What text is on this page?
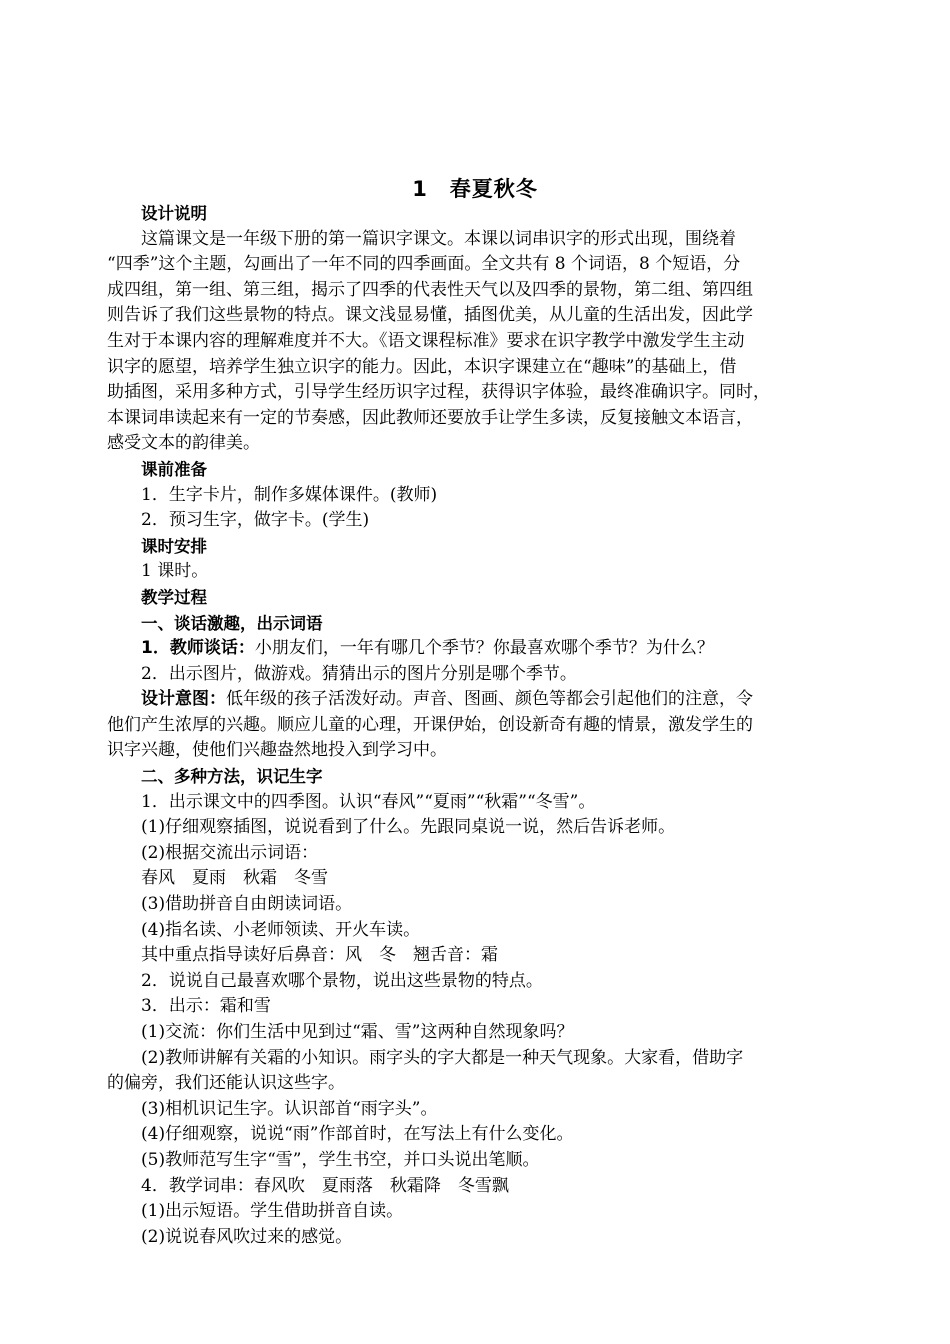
1　春夏秋冬
设计说明
这篇课文是一年级下册的第一篇识字课文。本课以词串识字的形式出现，围绕着
“四季”这个主题，勾画出了一年不同的四季画面。全文共有 8 个词语，8 个短语，分
成四组，第一组、第三组，揭示了四季的代表性天气以及四季的景物，第二组、第四组
则告诉了我们这些景物的特点。课文浅显易懂，插图优美，从儿童的生活出发，因此学
生对于本课内容的理解难度并不大。《语文课程标准》要求在识字教学中激发学生主动
识字的愿望，培养学生独立识字的能力。因此，本识字课建立在“趣味”的基础上，借
助插图，采用多种方式，引导学生经历识字过程，获得识字体验，最终准确识字。同时，
本课词串读起来有一定的节奏感，因此教师还要放手让学生多读，反复接触文本语言，
感受文本的韵律美。
课前准备
1．生字卡片，制作多媒体课件。(教师)
2．预习生字，做字卡。(学生)
课时安排
1 课时。
教学过程
一、谈话激趣，出示词语
1．教师谈话：小朋友们，一年有哪几个季节？你最喜欢哪个季节？为什么？
2．出示图片，做游戏。猜猜出示的图片分别是哪个季节。
设计意图：低年级的孩子活泼好动。声音、图画、颜色等都会引起他们的注意，令
他们产生浓厚的兴趣。顺应儿童的心理，开课伊始，创设新奇有趣的情景，激发学生的
识字兴趣，使他们兴趣盎然地投入到学习中。
二、多种方法，识记生字
1．出示课文中的四季图。认识“春风”“夏雨”“秋霜”“冬雪”。
(1)仔细观察插图，说说看到了什么。先跟同桌说一说，然后告诉老师。
(2)根据交流出示词语：
春风　夏雨　秋霜　冬雪
(3)借助拼音自由朗读词语。
(4)指名读、小老师领读、开火车读。
其中重点指导读好后鼻音：风　冬　翘舌音：霜
2．说说自己最喜欢哪个景物，说出这些景物的特点。
3．出示：霜和雪
(1)交流：你们生活中见到过“霜、雪”这两种自然现象吗？
(2)教师讲解有关霜的小知识。雨字头的字大都是一种天气现象。大家看，借助字
的偏旁，我们还能认识这些字。
(3)相机识记生字。认识部首“雨字头”。
(4)仔细观察，说说“雨”作部首时，在写法上有什么变化。
(5)教师范写生字“雪”，学生书空，并口头说出笔顺。
4．教学词串：春风吹　夏雨落　秋霜降　冬雪飘
(1)出示短语。学生借助拼音自读。
(2)说说春风吹过来的感觉。
